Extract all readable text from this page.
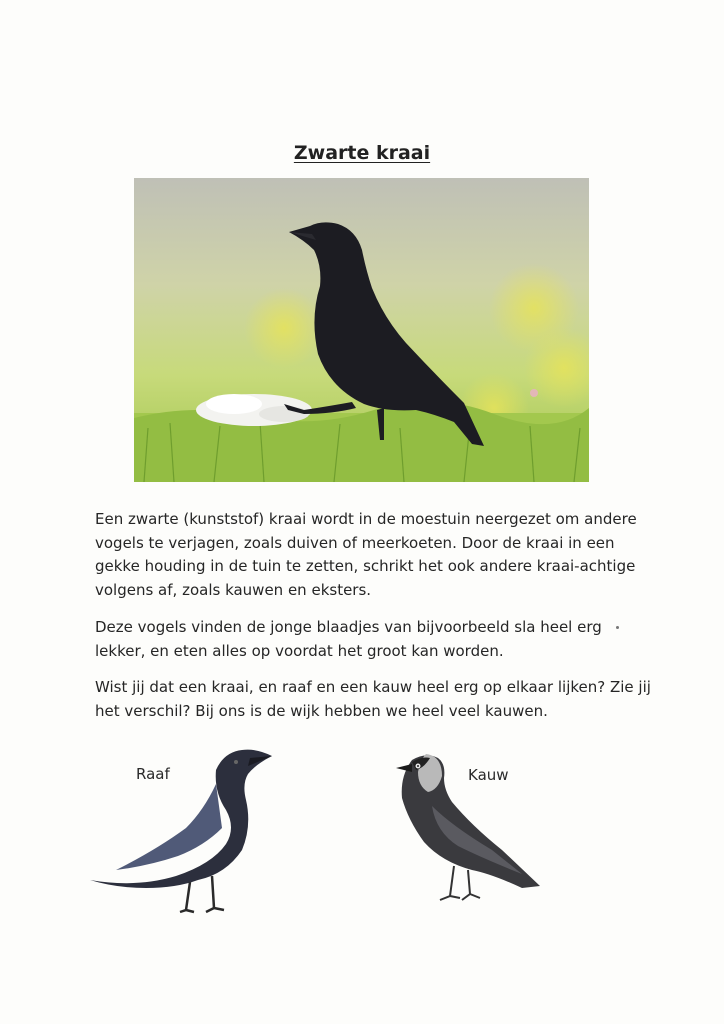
Zwarte kraai

Een zwarte (kunststof) kraai wordt in de moestuin neergezet om andere vogels te verjagen, zoals duiven of meerkoeten. Door de kraai in een gekke houding in de tuin te zetten, schrikt het ook andere kraai-achtige volgens af, zoals kauwen en eksters.

Deze vogels vinden de jonge blaadjes van bijvoorbeeld sla heel erg lekker, en eten alles op voordat het groot kan worden.

Wist jij dat een kraai, en raaf en een kauw heel erg op elkaar lijken? Zie jij het verschil? Bij ons is de wijk hebben we heel veel kauwen.

Raaf	Kauw
